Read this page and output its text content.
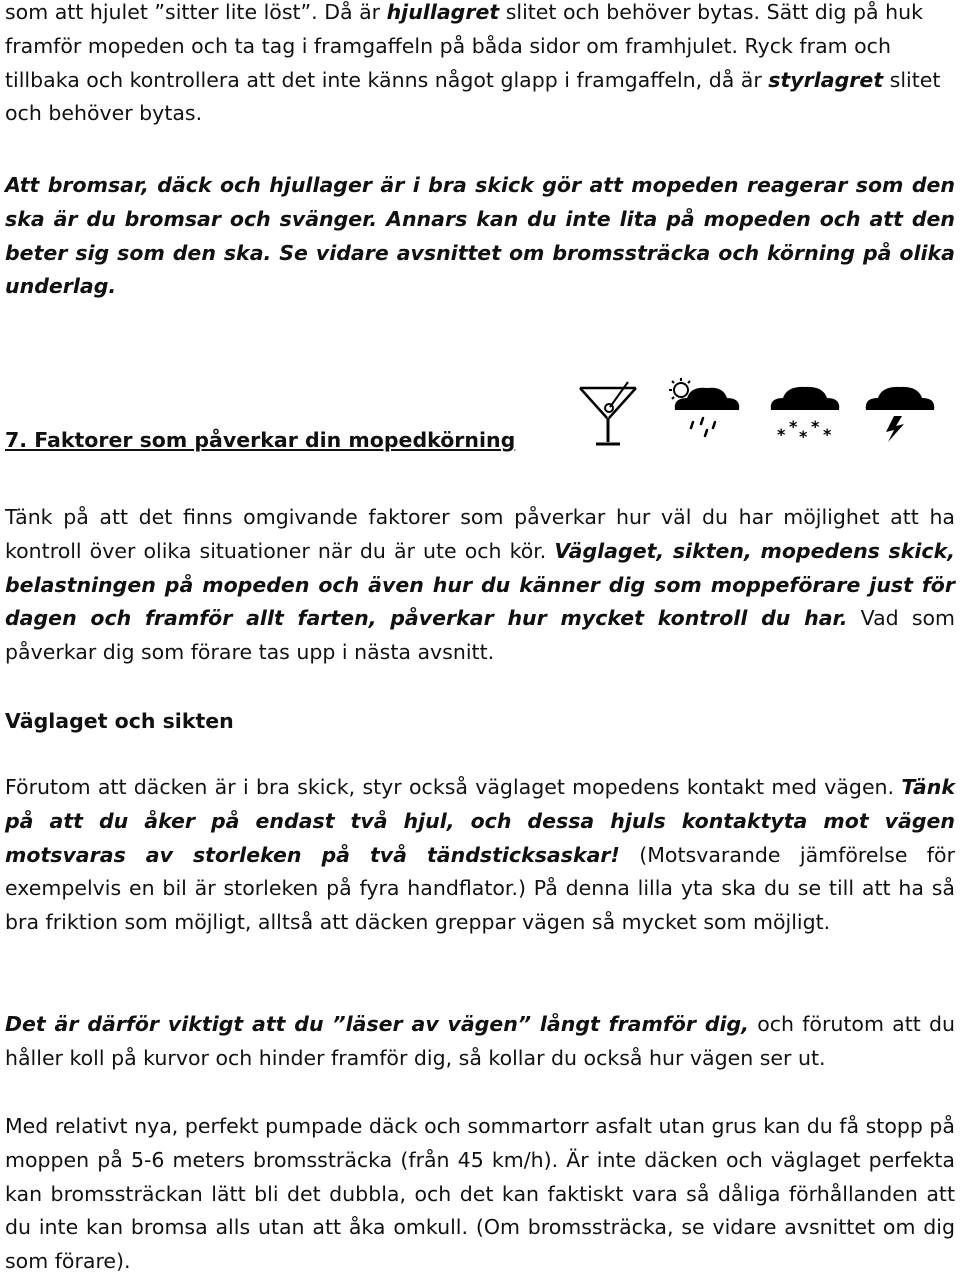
som att hjulet ”sitter lite löst”. Då är hjullagret slitet och behöver bytas. Sätt dig på huk framför mopeden och ta tag i framgaffeln på båda sidor om framhjulet. Ryck fram och tillbaka och kontrollera att det inte känns något glapp i framgaffeln, då är styrlagret slitet och behöver bytas.

Att bromsar, däck och hjullager är i bra skick gör att mopeden reagerar som den ska är du bromsar och svänger. Annars kan du inte lita på mopeden och att den beter sig som den ska. Se vidare avsnittet om bromssträcka och körning på olika underlag.

7. Faktorer som påverkar din mopedkörning	* *
*
* *

Tänk på att det finns omgivande faktorer som påverkar hur väl du har möjlighet att ha kontroll över olika situationer när du är ute och kör. Väglaget, sikten, mopedens skick, belastningen på mopeden och även hur du känner dig som moppeförare just för dagen och framför allt farten, påverkar hur mycket kontroll du har. Vad som påverkar dig som förare tas upp i nästa avsnitt.

Väglaget och sikten

Förutom att däcken är i bra skick, styr också väglaget mopedens kontakt med vägen. Tänk på att du åker på endast två hjul, och dessa hjuls kontaktyta mot vägen motsvaras av storleken på två tändsticksaskar! (Motsvarande jämförelse för exempelvis en bil är storleken på fyra handflator.) På denna lilla yta ska du se till att ha så bra friktion som möjligt, alltså att däcken greppar vägen så mycket som möjligt.

Det är därför viktigt att du ”läser av vägen” långt framför dig, och förutom att du håller koll på kurvor och hinder framför dig, så kollar du också hur vägen ser ut.

Med relativt nya, perfekt pumpade däck och sommartorr asfalt utan grus kan du få stopp på moppen på 5-6 meters bromssträcka (från 45 km/h). Är inte däcken och väglaget perfekta kan bromssträckan lätt bli det dubbla, och det kan faktiskt vara så dåliga förhållanden att du inte kan bromsa alls utan att åka omkull. (Om bromssträcka, se vidare avsnittet om dig som förare).
